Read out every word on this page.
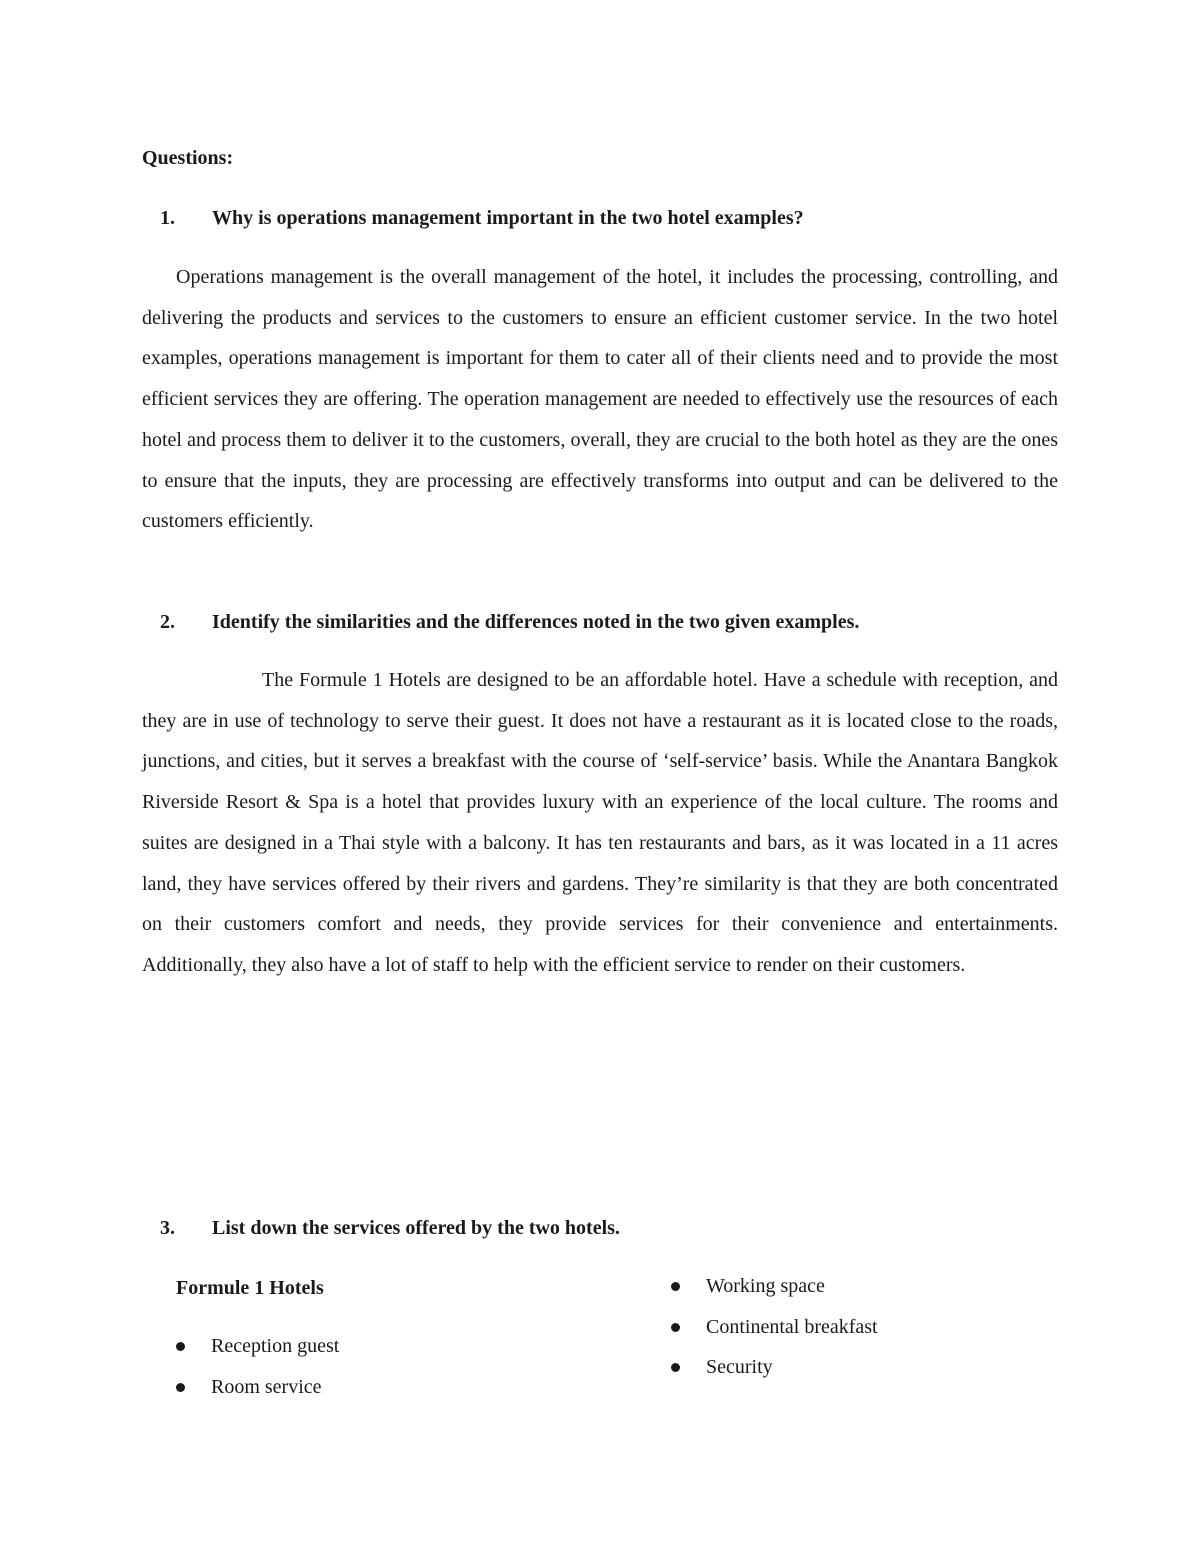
Questions:
1. Why is operations management important in the two hotel examples?

Operations management is the overall management of the hotel, it includes the processing, controlling, and delivering the products and services to the customers to ensure an efficient customer service. In the two hotel examples, operations management is important for them to cater all of their clients need and to provide the most efficient services they are offering. The operation management are needed to effectively use the resources of each hotel and process them to deliver it to the customers, overall, they are crucial to the both hotel as they are the ones to ensure that the inputs, they are processing are effectively transforms into output and can be delivered to the customers efficiently.

2. Identify the similarities and the differences noted in the two given examples.

The Formule 1 Hotels are designed to be an affordable hotel. Have a schedule with reception, and they are in use of technology to serve their guest. It does not have a restaurant as it is located close to the roads, junctions, and cities, but it serves a breakfast with the course of ‘self-service’ basis. While the Anantara Bangkok Riverside Resort & Spa is a hotel that provides luxury with an experience of the local culture. The rooms and suites are designed in a Thai style with a balcony. It has ten restaurants and bars, as it was located in a 11 acres land, they have services offered by their rivers and gardens. They’re similarity is that they are both concentrated on their customers comfort and needs, they provide services for their convenience and entertainments. Additionally, they also have a lot of staff to help with the efficient service to render on their customers.

3. List down the services offered by the two hotels.
Formule 1 Hotels
Reception guest
Room service
Working space
Continental breakfast
Security
